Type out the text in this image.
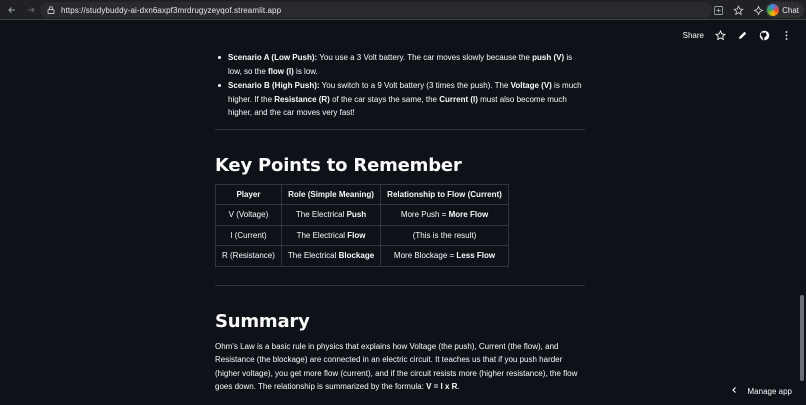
https://studybuddy-ai-dxn6axpf3mrdrugyzeyqof.streamlit.app	Chat
Share
Scenario A (Low Push): You use a 3 Volt battery. The car moves slowly because the push (V) is low, so the flow (I) is low.
Scenario B (High Push): You switch to a 9 Volt battery (3 times the push). The Voltage (V) is much higher. If the Resistance (R) of the car stays the same, the Current (I) must also become much higher, and the car moves very fast!
Key Points to Remember
Player	Role (Simple Meaning)	Relationship to Flow (Current)
V (Voltage)	The Electrical Push	More Push = More Flow
I (Current)	The Electrical Flow	(This is the result)
R (Resistance)	The Electrical Blockage	More Blockage = Less Flow
Summary

Ohm's Law is a basic rule in physics that explains how Voltage (the push), Current (the flow), and Resistance (the blockage) are connected in an electric circuit. It teaches us that if you push harder (higher voltage), you get more flow (current), and if the circuit resists more (higher resistance), the flow goes down. The relationship is summarized by the formula: V = I x R.	Manage app
